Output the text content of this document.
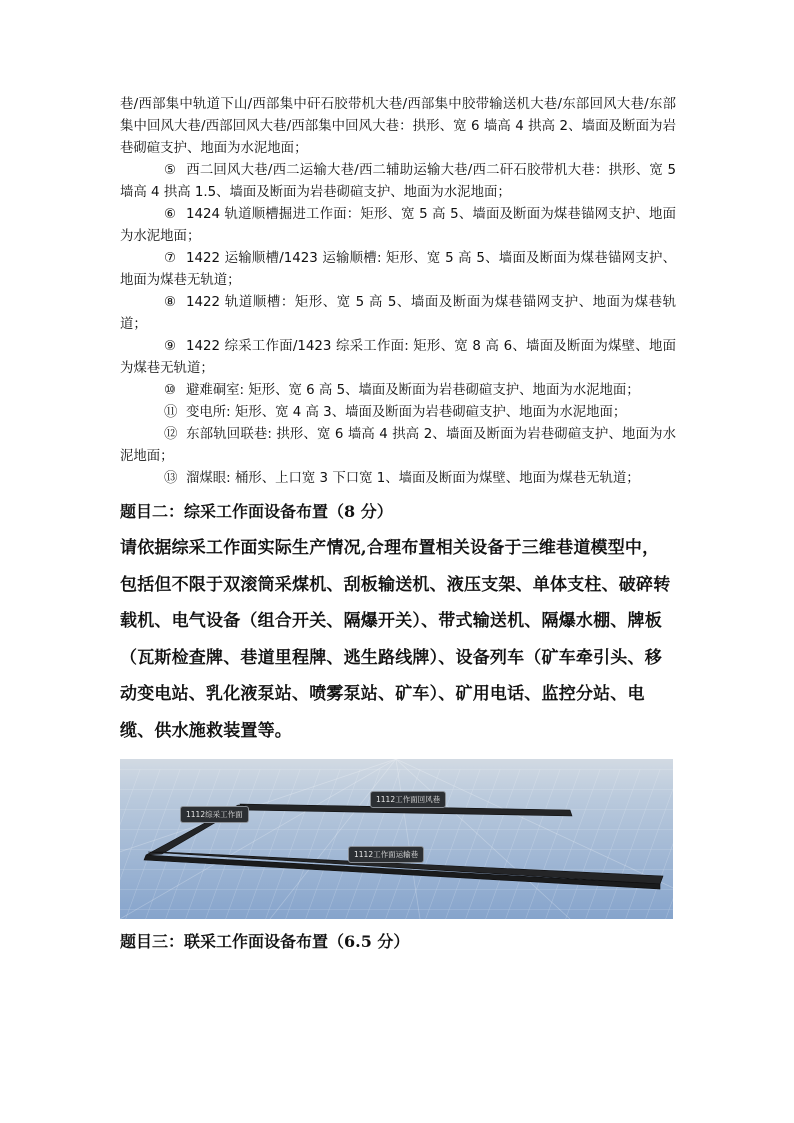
巷/西部集中轨道下山/西部集中矸石胶带机大巷/西部集中胶带输送机大巷/东部回风大巷/东部集中回风大巷/西部回风大巷/西部集中回风大巷：拱形、宽 6 墙高 4 拱高 2、墙面及断面为岩巷砌碹支护、地面为水泥地面；

⑤ 西二回风大巷/西二运输大巷/西二辅助运输大巷/西二矸石胶带机大巷：拱形、宽 5 墙高 4 拱高 1.5、墙面及断面为岩巷砌碹支护、地面为水泥地面；

⑥ 1424 轨道顺槽掘进工作面：矩形、宽 5 高 5、墙面及断面为煤巷锚网支护、地面为水泥地面；

⑦ 1422 运输顺槽/1423 运输顺槽: 矩形、宽 5 高 5、墙面及断面为煤巷锚网支护、地面为煤巷无轨道；

⑧ 1422 轨道顺槽：矩形、宽 5 高 5、墙面及断面为煤巷锚网支护、地面为煤巷轨道；

⑨ 1422 综采工作面/1423 综采工作面: 矩形、宽 8 高 6、墙面及断面为煤壁、地面为煤巷无轨道；

⑩ 避难硐室: 矩形、宽 6 高 5、墙面及断面为岩巷砌碹支护、地面为水泥地面；

⑪ 变电所: 矩形、宽 4 高 3、墙面及断面为岩巷砌碹支护、地面为水泥地面；

⑫ 东部轨回联巷: 拱形、宽 6 墙高 4 拱高 2、墙面及断面为岩巷砌碹支护、地面为水泥地面；

⑬ 溜煤眼: 桶形、上口宽 3 下口宽 1、墙面及断面为煤壁、地面为煤巷无轨道；

题目二：综采工作面设备布置（8 分）

请依据综采工作面实际生产情况,合理布置相关设备于三维巷道模型中，包括但不限于双滚筒采煤机、刮板输送机、液压支架、单体支柱、破碎转载机、电气设备（组合开关、隔爆开关）、带式输送机、隔爆水棚、牌板（瓦斯检查牌、巷道里程牌、逃生路线牌）、设备列车（矿车牵引头、移动变电站、乳化液泵站、喷雾泵站、矿车）、矿用电话、监控分站、电缆、供水施救装置等。

1112综采工作面
1112工作面回风巷
1112工作面运输巷

题目三：联采工作面设备布置（6.5 分）
